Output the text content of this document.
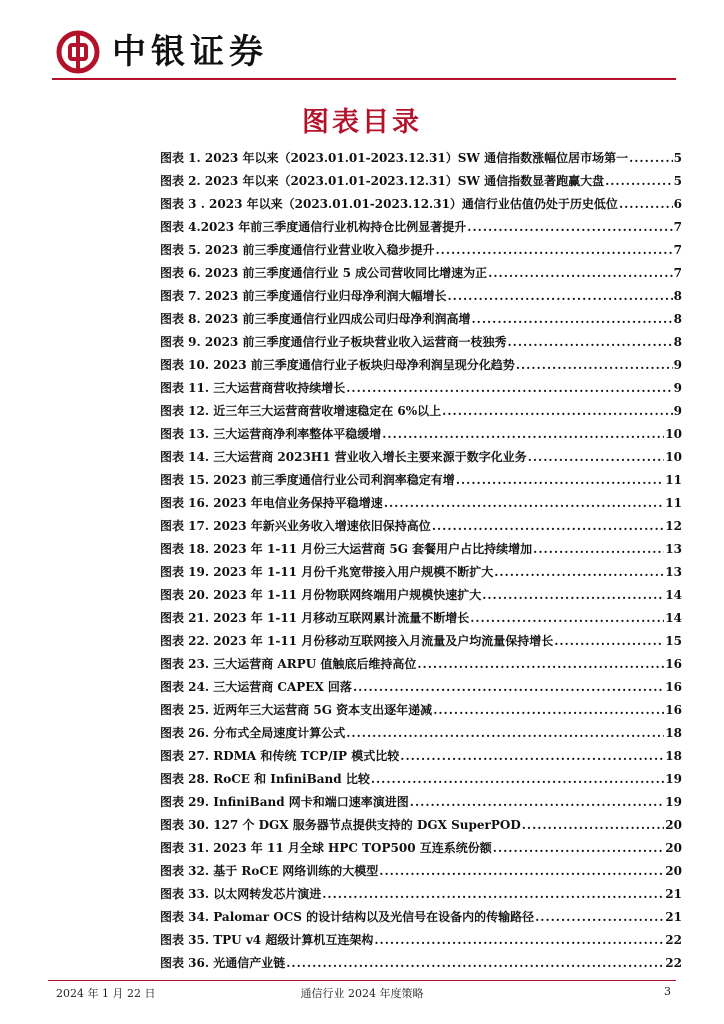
中银证券
图表目录
图表 1. 2023 年以来（2023.01.01-2023.12.31）SW 通信指数涨幅位居市场第一 .....	5
图表 2. 2023 年以来（2023.01.01-2023.12.31）SW 通信指数显著跑赢大盘 .....	5
图表 3 . 2023 年以来（2023.01.01-2023.12.31）通信行业估值仍处于历史低位 .....	6
图表 4.2023 年前三季度通信行业机构持仓比例显著提升 .....	7
图表 5. 2023 前三季度通信行业营业收入稳步提升 .....	7
图表 6. 2023 前三季度通信行业 5 成公司营收同比增速为正 .....	7
图表 7. 2023 前三季度通信行业归母净利润大幅增长 .....	8
图表 8. 2023 前三季度通信行业四成公司归母净利润高增 .....	8
图表 9. 2023 前三季度通信行业子板块营业收入运营商一枝独秀 .....	8
图表 10. 2023 前三季度通信行业子板块归母净利润呈现分化趋势 .....	9
图表 11. 三大运营商营收持续增长 .....	9
图表 12. 近三年三大运营商营收增速稳定在 6%以上 .....	9
图表 13. 三大运营商净利率整体平稳缓增 .....	10
图表 14. 三大运营商 2023H1 营业收入增长主要来源于数字化业务 .....	10
图表 15. 2023 前三季度通信行业公司利润率稳定有增 .....	11
图表 16. 2023 年电信业务保持平稳增速 .....	11
图表 17. 2023 年新兴业务收入增速依旧保持高位 .....	12
图表 18. 2023 年 1-11 月份三大运营商 5G 套餐用户占比持续增加 .....	13
图表 19. 2023 年 1-11 月份千兆宽带接入用户规模不断扩大 .....	13
图表 20. 2023 年 1-11 月份物联网终端用户规模快速扩大 .....	14
图表 21. 2023 年 1-11 月移动互联网累计流量不断增长 .....	14
图表 22. 2023 年 1-11 月份移动互联网接入月流量及户均流量保持增长 .....	15
图表 23. 三大运营商 ARPU 值触底后维持高位 .....	16
图表 24. 三大运营商 CAPEX 回落 .....	16
图表 25. 近两年三大运营商 5G 资本支出逐年递减 .....	16
图表 26. 分布式全局速度计算公式 .....	18
图表 27. RDMA 和传统 TCP/IP 模式比较 .....	18
图表 28. RoCE 和 InfiniBand 比较 .....	19
图表 29. InfiniBand 网卡和端口速率演进图 .....	19
图表 30. 127 个 DGX 服务器节点提供支持的 DGX SuperPOD .....	20
图表 31. 2023 年 11 月全球 HPC TOP500 互连系统份额 .....	20
图表 32. 基于 RoCE 网络训练的大模型 .....	20
图表 33. 以太网转发芯片演进 .....	21
图表 34. Palomar OCS 的设计结构以及光信号在设备内的传输路径 .....	21
图表 35. TPU v4 超级计算机互连架构 .....	22
图表 36. 光通信产业链 .....	22
2024 年 1 月 22 日	通信行业 2024 年度策略	3
